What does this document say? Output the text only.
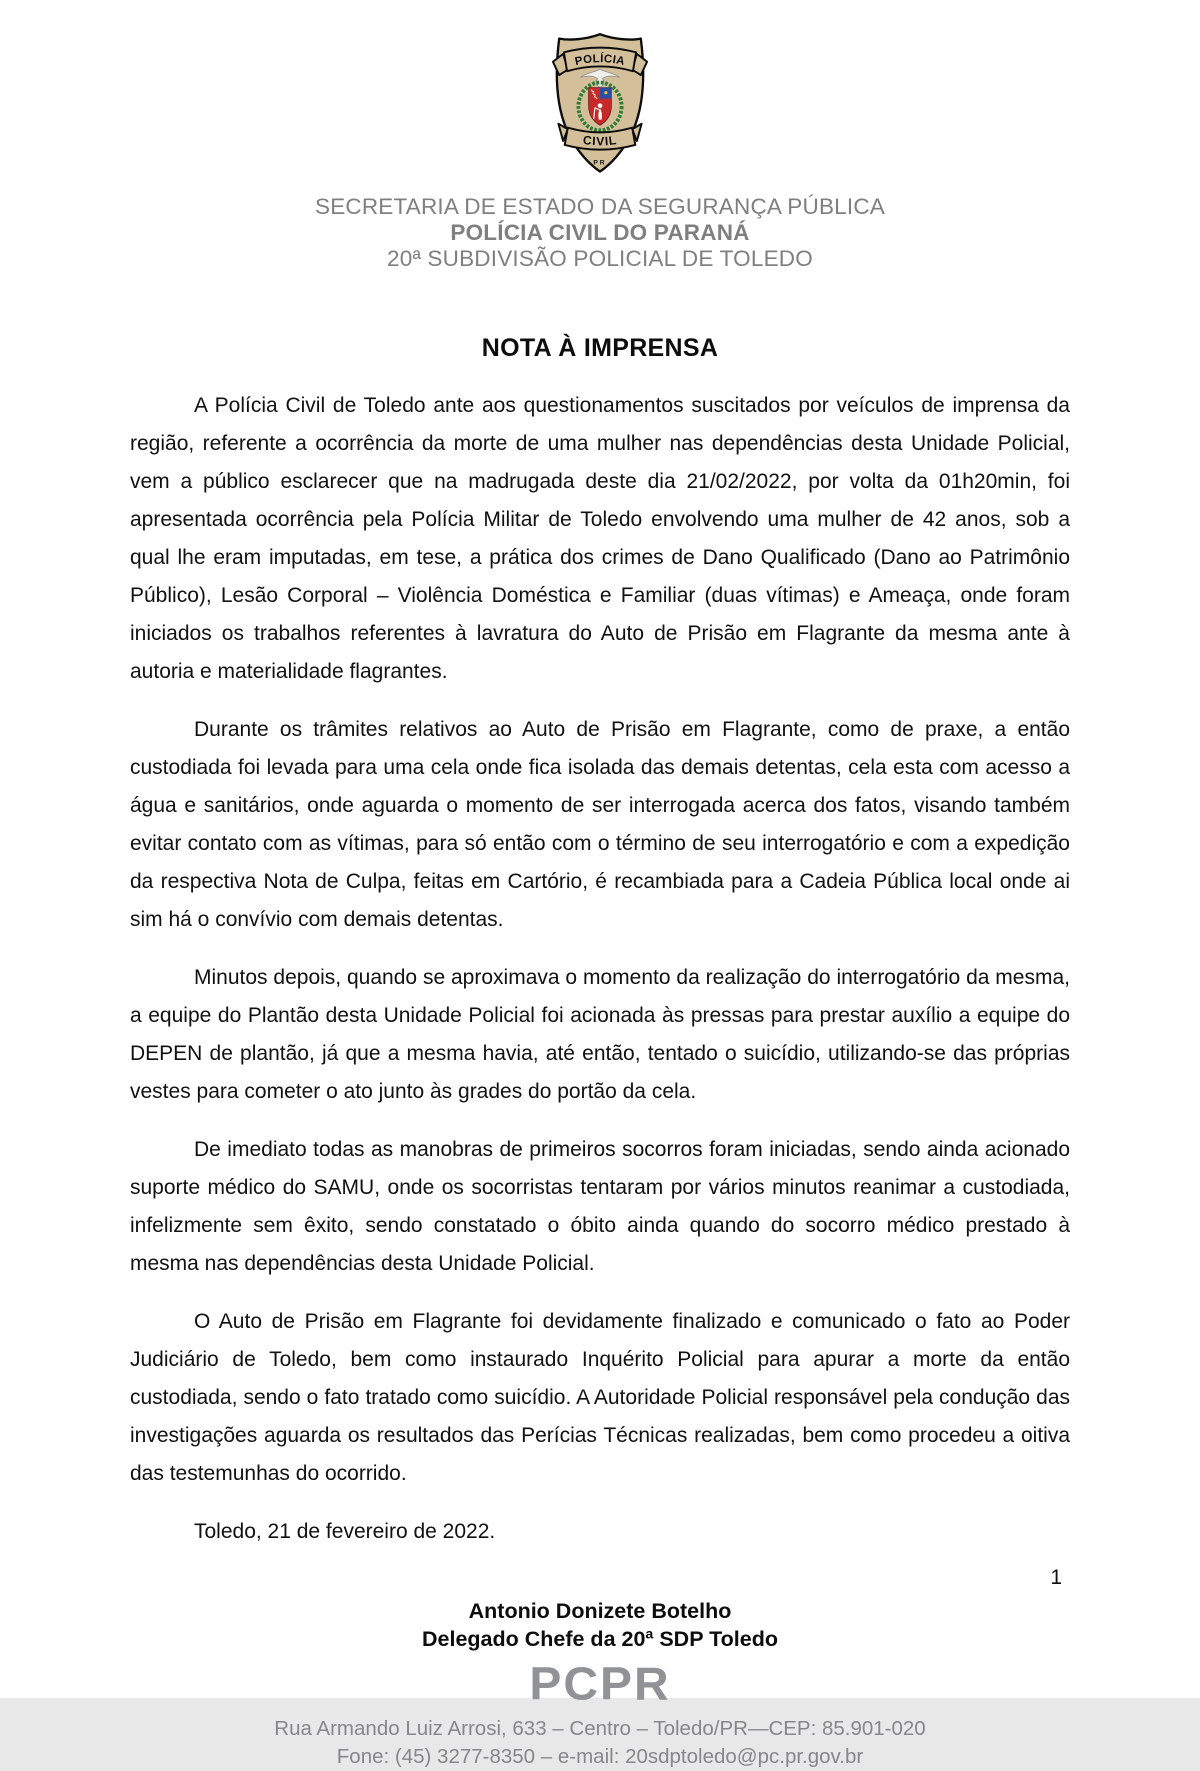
POLÍCIA
CIVIL
PR
SECRETARIA DE ESTADO DA SEGURANÇA PÚBLICA
POLÍCIA CIVIL DO PARANÁ
20ª SUBDIVISÃO POLICIAL DE TOLEDO
NOTA À IMPRENSA

A Polícia Civil de Toledo ante aos questionamentos suscitados por veículos de imprensa da região, referente a ocorrência da morte de uma mulher nas dependências desta Unidade Policial, vem a público esclarecer que na madrugada deste dia 21/02/2022, por volta da 01h20min, foi apresentada ocorrência pela Polícia Militar de Toledo envolvendo uma mulher de 42 anos, sob a qual lhe eram imputadas, em tese, a prática dos crimes de Dano Qualificado (Dano ao Patrimônio Público), Lesão Corporal – Violência Doméstica e Familiar (duas vítimas) e Ameaça, onde foram iniciados os trabalhos referentes à lavratura do Auto de Prisão em Flagrante da mesma ante à autoria e materialidade flagrantes.

Durante os trâmites relativos ao Auto de Prisão em Flagrante, como de praxe, a então custodiada foi levada para uma cela onde fica isolada das demais detentas, cela esta com acesso a água e sanitários, onde aguarda o momento de ser interrogada acerca dos fatos, visando também evitar contato com as vítimas, para só então com o término de seu interrogatório e com a expedição da respectiva Nota de Culpa, feitas em Cartório, é recambiada para a Cadeia Pública local onde ai sim há o convívio com demais detentas.

Minutos depois, quando se aproximava o momento da realização do interrogatório da mesma, a equipe do Plantão desta Unidade Policial foi acionada às pressas para prestar auxílio a equipe do DEPEN de plantão, já que a mesma havia, até então, tentado o suicídio, utilizando-se das próprias vestes para cometer o ato junto às grades do portão da cela.

De imediato todas as manobras de primeiros socorros foram iniciadas, sendo ainda acionado suporte médico do SAMU, onde os socorristas tentaram por vários minutos reanimar a custodiada, infelizmente sem êxito, sendo constatado o óbito ainda quando do socorro médico prestado à mesma nas dependências desta Unidade Policial.

O Auto de Prisão em Flagrante foi devidamente finalizado e comunicado o fato ao Poder Judiciário de Toledo, bem como instaurado Inquérito Policial para apurar a morte da então custodiada, sendo o fato tratado como suicídio. A Autoridade Policial responsável pela condução das investigações aguarda os resultados das Perícias Técnicas realizadas, bem como procedeu a oitiva das testemunhas do ocorrido.

Toledo, 21 de fevereiro de 2022.

Antonio Donizete Botelho
Delegado Chefe da 20ª SDP Toledo
PCPR
Rua Armando Luiz Arrosi, 633 – Centro – Toledo/PR—CEP: 85.901-020
Fone: (45) 3277-8350 – e-mail: 20sdptoledo@pc.pr.gov.br
1
